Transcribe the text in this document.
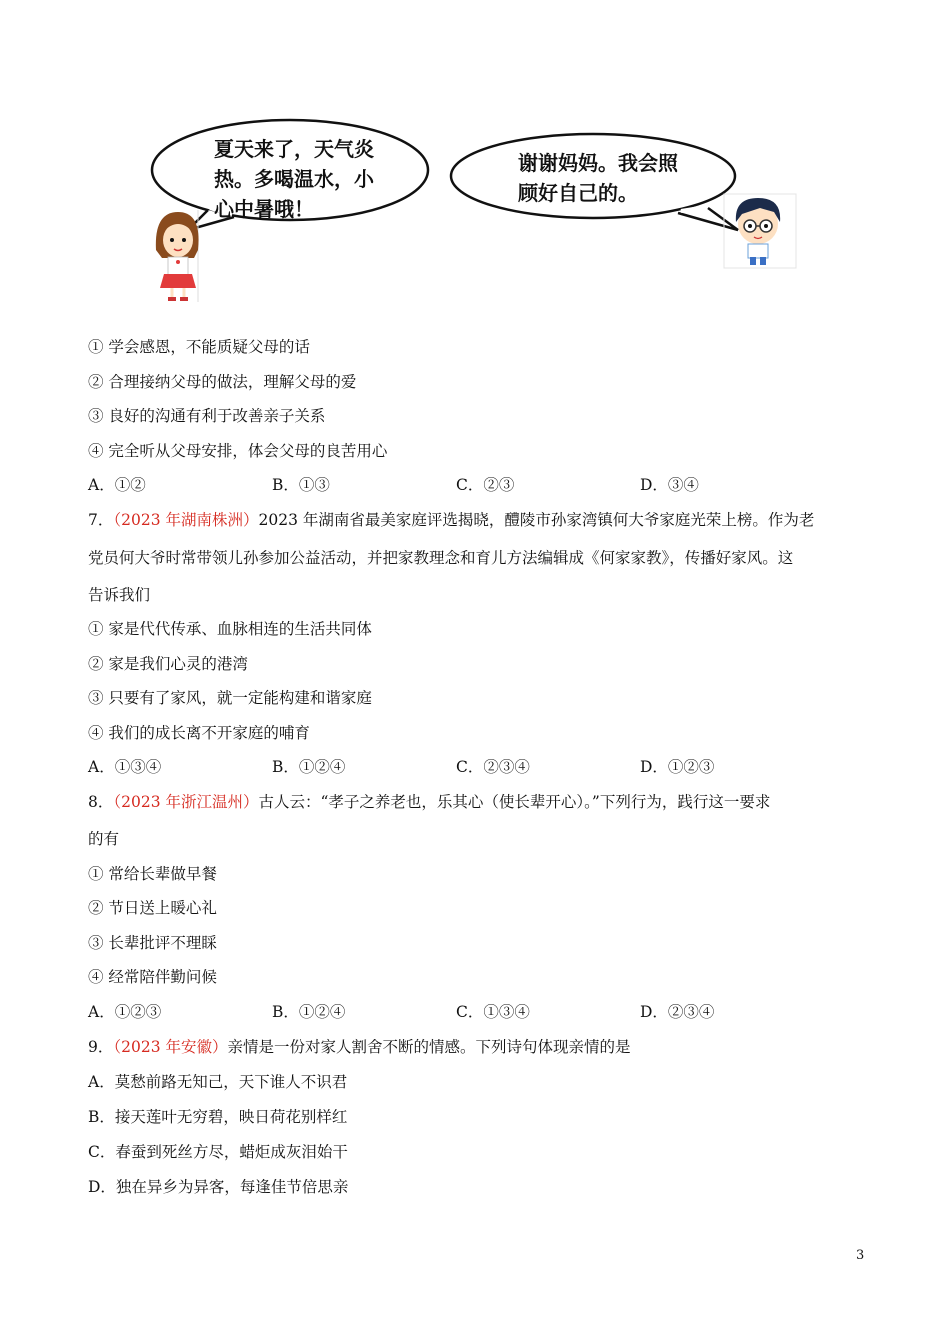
夏天来了，天气炎
热。多喝温水，小
心中暑哦！
谢谢妈妈。我会照
顾好自己的。
① 学会感恩，不能质疑父母的话
② 合理接纳父母的做法，理解父母的爱
③ 良好的沟通有利于改善亲子关系
④ 完全听从父母安排，体会父母的良苦用心
A．①②	B．①③	C．②③	D．③④
7．（2023 年湖南株洲）2023 年湖南省最美家庭评选揭晓，醴陵市孙家湾镇何大爷家庭光荣上榜。作为老
党员何大爷时常带领儿孙参加公益活动，并把家教理念和育儿方法编辑成《何家家教》，传播好家风。这
告诉我们
① 家是代代传承、血脉相连的生活共同体
② 家是我们心灵的港湾
③ 只要有了家风，就一定能构建和谐家庭
④ 我们的成长离不开家庭的哺育
A．①③④	B．①②④	C．②③④	D．①②③
8．（2023 年浙江温州）古人云：“孝子之养老也，乐其心（使长辈开心）。”下列行为，践行这一要求
的有
① 常给长辈做早餐
② 节日送上暖心礼
③ 长辈批评不理睬
④ 经常陪伴勤问候
A．①②③	B．①②④	C．①③④	D．②③④
9．（2023 年安徽）亲情是一份对家人割舍不断的情感。下列诗句体现亲情的是
A．莫愁前路无知己，天下谁人不识君
B．接天莲叶无穷碧，映日荷花别样红
C．春蚕到死丝方尽，蜡炬成灰泪始干
D．独在异乡为异客，每逢佳节倍思亲
3
